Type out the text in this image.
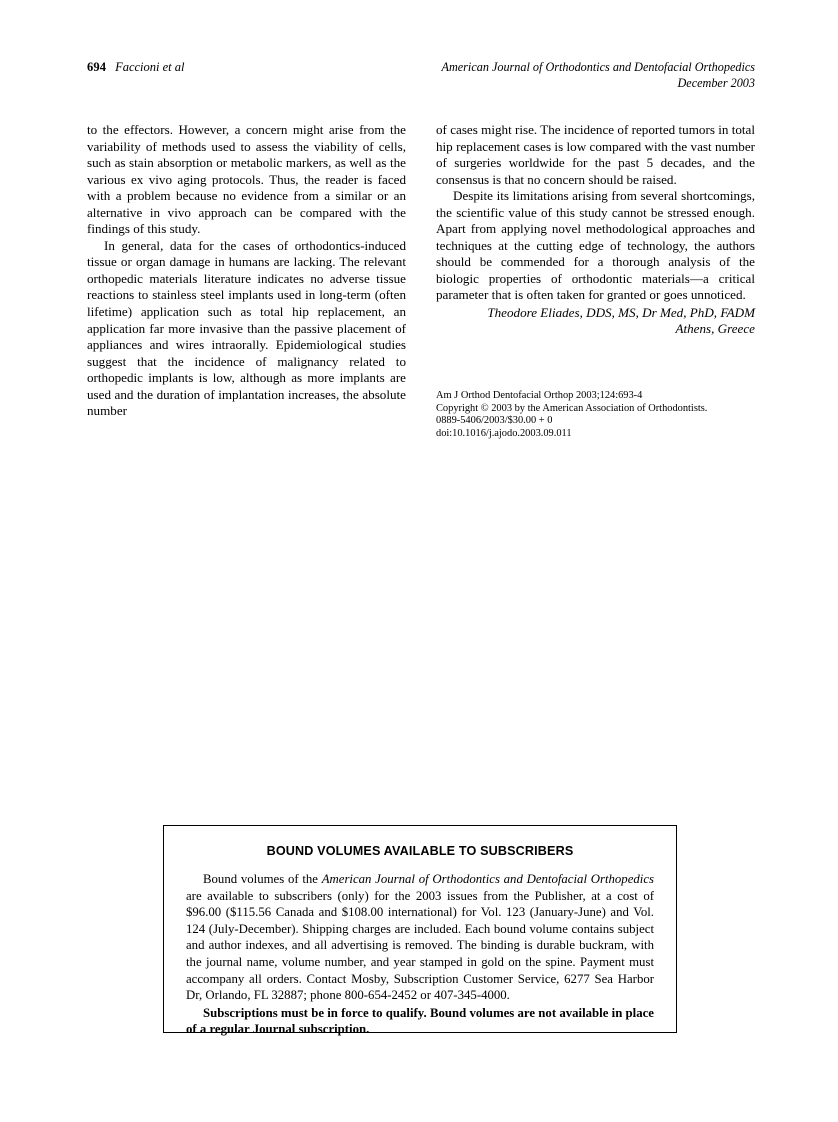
694 Faccioni et al	American Journal of Orthodontics and Dentofacial Orthopedics
December 2003

to the effectors. However, a concern might arise from the variability of methods used to assess the viability of cells, such as stain absorption or metabolic markers, as well as the various ex vivo aging protocols. Thus, the reader is faced with a problem because no evidence from a similar or an alternative in vivo approach can be compared with the findings of this study.

In general, data for the cases of orthodontics-induced tissue or organ damage in humans are lacking. The relevant orthopedic materials literature indicates no adverse tissue reactions to stainless steel implants used in long-term (often lifetime) application such as total hip replacement, an application far more invasive than the passive placement of appliances and wires intraorally. Epidemiological studies suggest that the incidence of malignancy related to orthopedic implants is low, although as more implants are used and the duration of implantation increases, the absolute number

of cases might rise. The incidence of reported tumors in total hip replacement cases is low compared with the vast number of surgeries worldwide for the past 5 decades, and the consensus is that no concern should be raised.

Despite its limitations arising from several shortcomings, the scientific value of this study cannot be stressed enough. Apart from applying novel methodological approaches and techniques at the cutting edge of technology, the authors should be commended for a thorough analysis of the biologic properties of orthodontic materials—a critical parameter that is often taken for granted or goes unnoticed.

Theodore Eliades, DDS, MS, Dr Med, PhD, FADM
Athens, Greece
Am J Orthod Dentofacial Orthop 2003;124:693-4
Copyright © 2003 by the American Association of Orthodontists.
0889-5406/2003/$30.00 + 0
doi:10.1016/j.ajodo.2003.09.011
BOUND VOLUMES AVAILABLE TO SUBSCRIBERS

Bound volumes of the American Journal of Orthodontics and Dentofacial Orthopedics are available to subscribers (only) for the 2003 issues from the Publisher, at a cost of $96.00 ($115.56 Canada and $108.00 international) for Vol. 123 (January-June) and Vol. 124 (July-December). Shipping charges are included. Each bound volume contains subject and author indexes, and all advertising is removed. The binding is durable buckram, with the journal name, volume number, and year stamped in gold on the spine. Payment must accompany all orders. Contact Mosby, Subscription Customer Service, 6277 Sea Harbor Dr, Orlando, FL 32887; phone 800-654-2452 or 407-345-4000.

Subscriptions must be in force to qualify. Bound volumes are not available in place of a regular Journal subscription.
